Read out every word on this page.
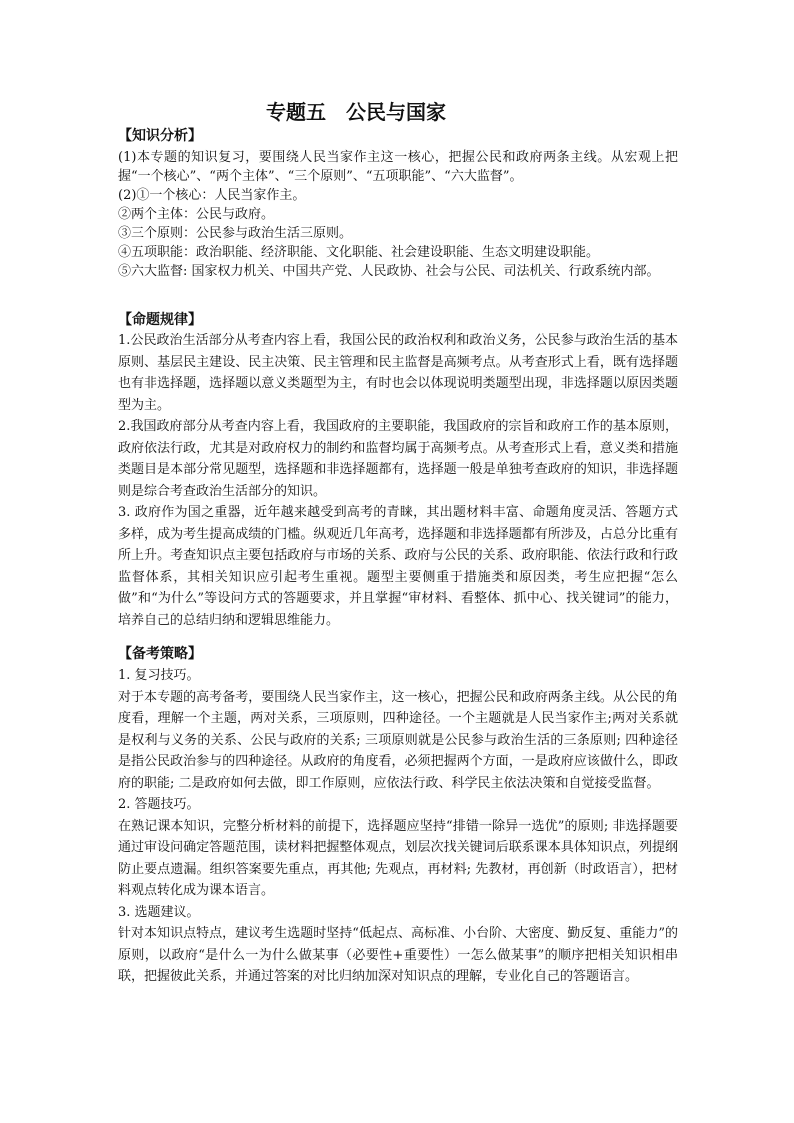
专题五　公民与国家
【知识分析】

(1)本专题的知识复习，要围绕人民当家作主这一核心，把握公民和政府两条主线。从宏观上把握“一个核心”、“两个主体”、“三个原则”、“五项职能”、“六大监督”。

(2)①一个核心：人民当家作主。

②两个主体：公民与政府。

③三个原则：公民参与政治生活三原则。

④五项职能：政治职能、经济职能、文化职能、社会建设职能、生态文明建设职能。

⑤六大监督: 国家权力机关、中国共产党、人民政协、社会与公民、司法机关、行政系统内部。

【命题规律】

1.公民政治生活部分从考查内容上看，我国公民的政治权利和政治义务，公民参与政治生活的基本原则、基层民主建设、民主决策、民主管理和民主监督是高频考点。从考查形式上看，既有选择题也有非选择题，选择题以意义类题型为主，有时也会以体现说明类题型出现，非选择题以原因类题型为主。

2.我国政府部分从考查内容上看，我国政府的主要职能，我国政府的宗旨和政府工作的基本原则，政府依法行政，尤其是对政府权力的制约和监督均属于高频考点。从考查形式上看，意义类和措施类题目是本部分常见题型，选择题和非选择题都有，选择题一般是单独考查政府的知识，非选择题则是综合考查政治生活部分的知识。

3. 政府作为国之重器，近年越来越受到高考的青睐，其出题材料丰富、命题角度灵活、答题方式多样，成为考生提高成绩的门槛。纵观近几年高考，选择题和非选择题都有所涉及，占总分比重有所上升。考查知识点主要包括政府与市场的关系、政府与公民的关系、政府职能、依法行政和行政监督体系，其相关知识应引起考生重视。题型主要侧重于措施类和原因类，考生应把握“怎么做”和“为什么”等设问方式的答题要求，并且掌握“审材料、看整体、抓中心、找关键词”的能力，培养自己的总结归纳和逻辑思维能力。

【备考策略】

1. 复习技巧。

对于本专题的高考备考，要围绕人民当家作主，这一核心，把握公民和政府两条主线。从公民的角度看，理解一个主题，两对关系，三项原则，四种途径。一个主题就是人民当家作主;两对关系就是权利与义务的关系、公民与政府的关系; 三项原则就是公民参与政治生活的三条原则; 四种途径是指公民政治参与的四种途径。从政府的角度看，必须把握两个方面，一是政府应该做什么，即政府的职能; 二是政府如何去做，即工作原则，应依法行政、科学民主依法决策和自觉接受监督。

2. 答题技巧。

在熟记课本知识，完整分析材料的前提下，选择题应坚持“排错一除异一选优”的原则; 非选择题要通过审设问确定答题范围，读材料把握整体观点，划层次找关键词后联系课本具体知识点，列提纲防止要点遗漏。组织答案要先重点，再其他; 先观点，再材料; 先教材，再创新（时政语言），把材料观点转化成为课本语言。

3. 选题建议。

针对本知识点特点，建议考生选题时坚持“低起点、高标准、小台阶、大密度、勤反复、重能力”的原则，以政府“是什么一为什么做某事（必要性+重要性）一怎么做某事”的顺序把相关知识相串联，把握彼此关系，并通过答案的对比归纳加深对知识点的理解，专业化自己的答题语言。
